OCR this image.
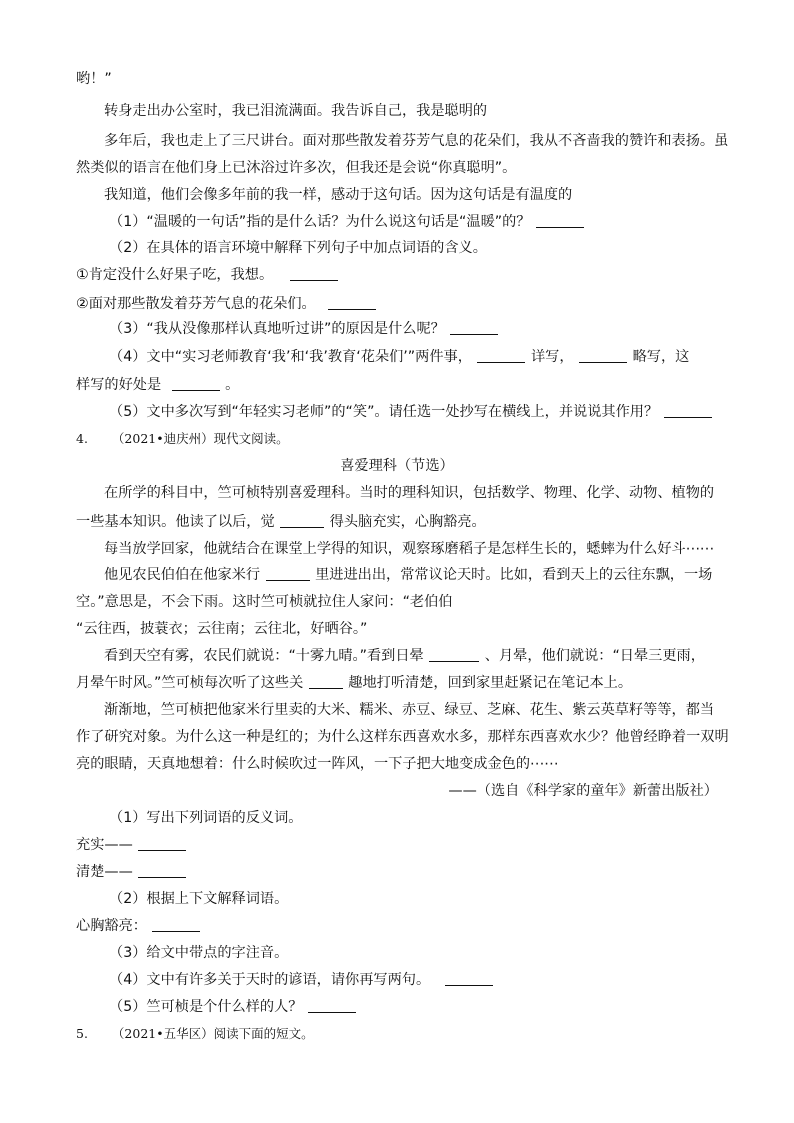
哟！”
转身走出办公室时，我已泪流满面。我告诉自己，我是聪明的
多年后，我也走上了三尺讲台。面对那些散发着芬芳气息的花朵们，我从不吝啬我的赞许和表扬。虽
然类似的语言在他们身上已沐浴过许多次，但我还是会说“你真聪明”。
我知道，他们会像多年前的我一样，感动于这句话。因为这句话是有温度的
（1）“温暖的一句话”指的是什么话？为什么说这句话是“温暖”的？
（2）在具体的语言环境中解释下列句子中加点词语的含义。
①肯定没什么好果子吃，我想。
②面对那些散发着芬芳气息的花朵们。
（3）“我从没像那样认真地听过讲”的原因是什么呢？
（4）文中“实习老师教育‘我’和‘我’教育‘花朵们’”两件事，	详写，	略写，这
样写的好处是	。
（5）文中多次写到“年轻实习老师”的“笑”。请任选一处抄写在横线上，并说说其作用？
4. （2021•迪庆州）现代文阅读。
喜爱理科（节选）
在所学的科目中，竺可桢特别喜爱理科。当时的理科知识，包括数学、物理、化学、动物、植物的
一些基本知识。他读了以后，觉	得头脑充实，心胸豁亮。
每当放学回家，他就结合在课堂上学得的知识，观察琢磨稻子是怎样生长的，蟋蟀为什么好斗⋯⋯
他见农民伯伯在他家米行	里进进出出，常常议论天时。比如，看到天上的云往东飘，一场
空。”意思是，不会下雨。这时竺可桢就拉住人家问：“老伯伯
“云往西，披蓑衣；云往南；云往北，好晒谷。”
看到天空有雾，农民们就说：“十雾九晴。”看到日晕	、月晕，他们就说：“日晕三更雨，
月晕午时风。”竺可桢每次听了这些关	趣地打听清楚，回到家里赶紧记在笔记本上。
渐渐地，竺可桢把他家米行里卖的大米、糯米、赤豆、绿豆、芝麻、花生、紫云英草籽等等，都当
作了研究对象。为什么这一种是红的；为什么这样东西喜欢水多，那样东西喜欢水少？他曾经睁着一双明
亮的眼睛，天真地想着：什么时候吹过一阵风，一下子把大地变成金色的⋯⋯
——（选自《科学家的童年》新蕾出版社）
（1）写出下列词语的反义词。
充实——
清楚——
（2）根据上下文解释词语。
心胸豁亮：
（3）给文中带点的字注音。
（4）文中有许多关于天时的谚语，请你再写两句。
（5）竺可桢是个什么样的人？
5. （2021•五华区）阅读下面的短文。
